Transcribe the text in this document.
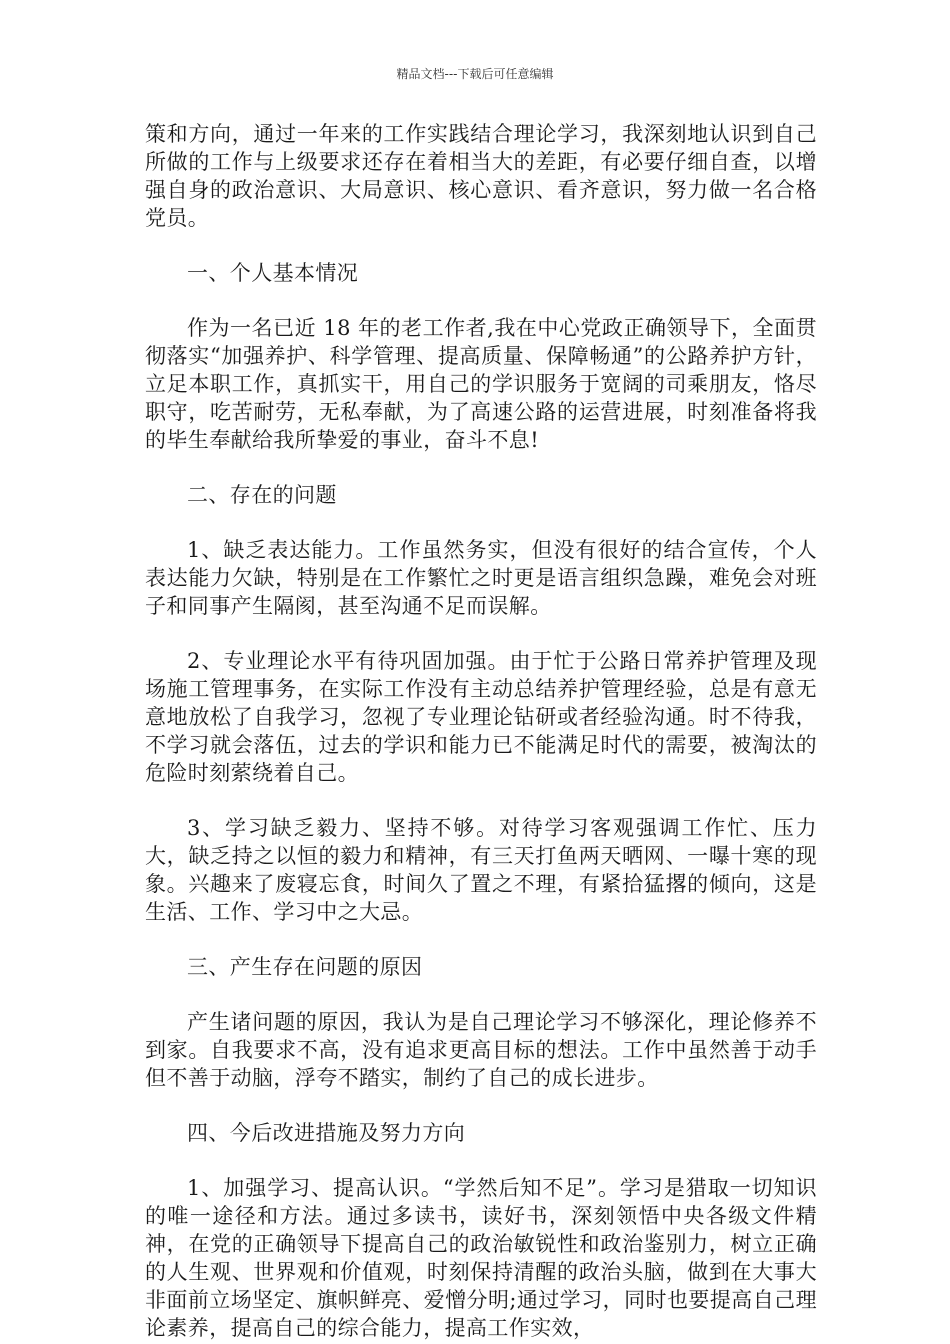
精品文档---下载后可任意编辑

策和方向，通过一年来的工作实践结合理论学习，我深刻地认识到自己所做的工作与上级要求还存在着相当大的差距，有必要仔细自查，以增强自身的政治意识、大局意识、核心意识、看齐意识，努力做一名合格党员。

一、个人基本情况

作为一名已近 18 年的老工作者,我在中心党政正确领导下，全面贯彻落实“加强养护、科学管理、提高质量、保障畅通”的公路养护方针，立足本职工作，真抓实干，用自己的学识服务于宽阔的司乘朋友，恪尽职守，吃苦耐劳，无私奉献，为了高速公路的运营进展，时刻准备将我的毕生奉献给我所挚爱的事业，奋斗不息!

二、存在的问题

1、缺乏表达能力。工作虽然务实，但没有很好的结合宣传，个人表达能力欠缺，特别是在工作繁忙之时更是语言组织急躁，难免会对班子和同事产生隔阂，甚至沟通不足而误解。

2、专业理论水平有待巩固加强。由于忙于公路日常养护管理及现场施工管理事务，在实际工作没有主动总结养护管理经验，总是有意无意地放松了自我学习，忽视了专业理论钻研或者经验沟通。时不待我，不学习就会落伍，过去的学识和能力已不能满足时代的需要，被淘汰的危险时刻萦绕着自己。

3、学习缺乏毅力、坚持不够。对待学习客观强调工作忙、压力大，缺乏持之以恒的毅力和精神，有三天打鱼两天晒网、一曝十寒的现象。兴趣来了废寝忘食，时间久了置之不理，有紧拾猛撂的倾向，这是生活、工作、学习中之大忌。

三、产生存在问题的原因

产生诸问题的原因，我认为是自己理论学习不够深化，理论修养不到家。自我要求不高，没有追求更高目标的想法。工作中虽然善于动手但不善于动脑，浮夸不踏实，制约了自己的成长进步。

四、今后改进措施及努力方向

1、加强学习、提高认识。“学然后知不足”。学习是猎取一切知识的唯一途径和方法。通过多读书，读好书，深刻领悟中央各级文件精神，在党的正确领导下提高自己的政治敏锐性和政治鉴别力，树立正确的人生观、世界观和价值观，时刻保持清醒的政治头脑，做到在大事大非面前立场坚定、旗帜鲜亮、爱憎分明;通过学习，同时也要提高自己理论素养，提高自己的综合能力，提高工作实效，
